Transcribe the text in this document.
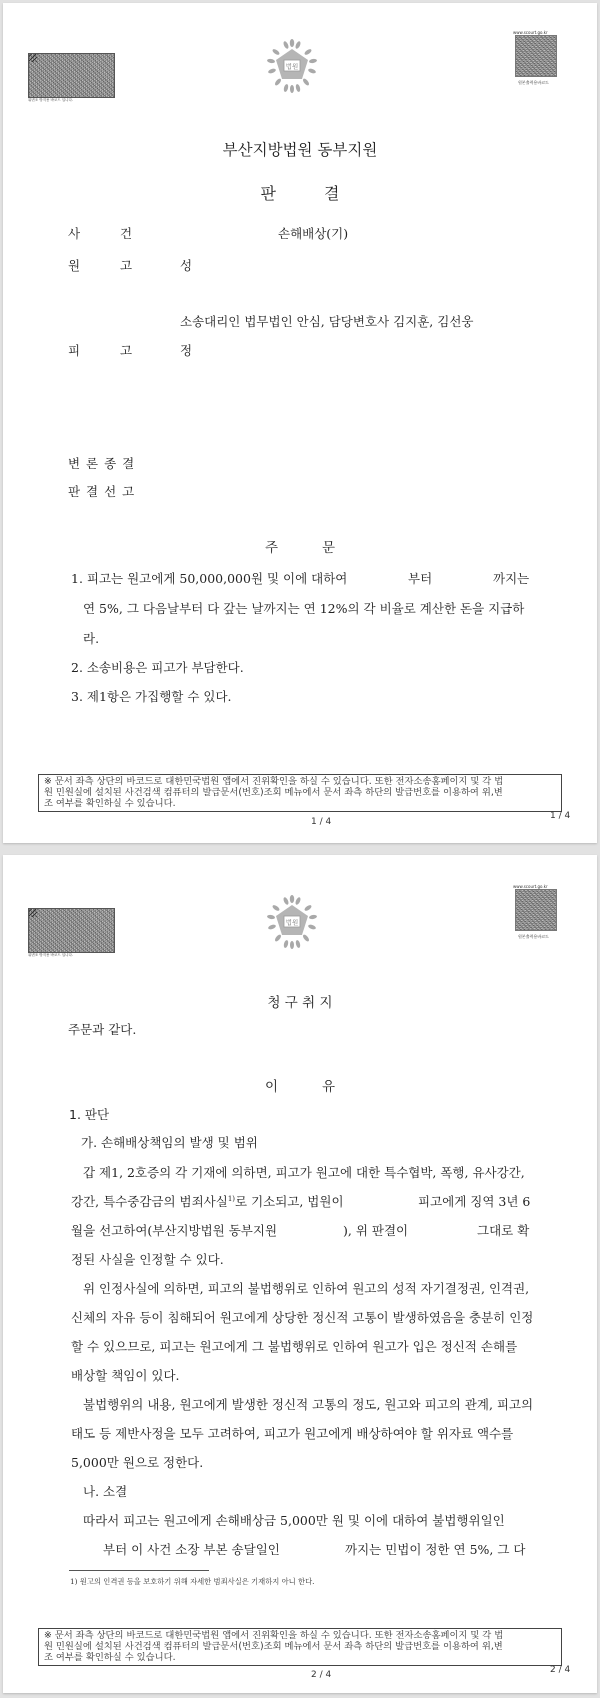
위변조 방지용 바코드 입니다.
법원
www.scourt.go.kr
원본출력용바코드
부산지방법원 동부지원
판	결
사	건	손해배상(기)
원	고	성
소송대리인 법무법인 안심, 담당변호사 김지훈, 김선웅
피	고	정
변 론 종 결
판 결 선 고
주	문
1. 피고는 원고에게 50,000,000원 및 이에 대하여	부터	까지는
연 5%, 그 다음날부터 다 갚는 날까지는 연 12%의 각 비율로 계산한 돈을 지급하
라.
2. 소송비용은 피고가 부담한다.
3. 제1항은 가집행할 수 있다.
※ 문서 좌측 상단의 바코드로 대한민국법원 앱에서 진위확인을 하실 수 있습니다. 또한 전자소송홈페이지 및 각 법
원 민원실에 설치된 사건검색 컴퓨터의 발급문서(번호)조회 메뉴에서 문서 좌측 하단의 발급번호를 이용하여 위,변
조 여부를 확인하실 수 있습니다.
1 / 4
1 / 4
위변조 방지용 바코드 입니다.
법원
www.scourt.go.kr
원본출력용바코드
청 구 취 지
주문과 같다.
이	유
1. 판단
가. 손해배상책임의 발생 및 범위
갑 제1, 2호증의 각 기재에 의하면, 피고가 원고에 대한 특수협박, 폭행, 유사강간,
강간, 특수중감금의 범죄사실$^{1)}$로 기소되고, 법원이	피고에게 징역 3년 6
월을 선고하여(부산지방법원 동부지원	), 위 판결이	그대로 확
정된 사실을 인정할 수 있다.
위 인정사실에 의하면, 피고의 불법행위로 인하여 원고의 성적 자기결정권, 인격권,
신체의 자유 등이 침해되어 원고에게 상당한 정신적 고통이 발생하였음을 충분히 인정
할 수 있으므로, 피고는 원고에게 그 불법행위로 인하여 원고가 입은 정신적 손해를
배상할 책임이 있다.
불법행위의 내용, 원고에게 발생한 정신적 고통의 정도, 원고와 피고의 관계, 피고의
태도 등 제반사정을 모두 고려하여, 피고가 원고에게 배상하여야 할 위자료 액수를
5,000만 원으로 정한다.
나. 소결
따라서 피고는 원고에게 손해배상금 5,000만 원 및 이에 대하여 불법행위일인
부터 이 사건 소장 부본 송달일인	까지는 민법이 정한 연 5%, 그 다
1) 원고의 인격권 등을 보호하기 위해 자세한 범죄사실은 기재하지 아니 한다.
※ 문서 좌측 상단의 바코드로 대한민국법원 앱에서 진위확인을 하실 수 있습니다. 또한 전자소송홈페이지 및 각 법
원 민원실에 설치된 사건검색 컴퓨터의 발급문서(번호)조회 메뉴에서 문서 좌측 하단의 발급번호를 이용하여 위,변
조 여부를 확인하실 수 있습니다.
2 / 4	2 / 4
